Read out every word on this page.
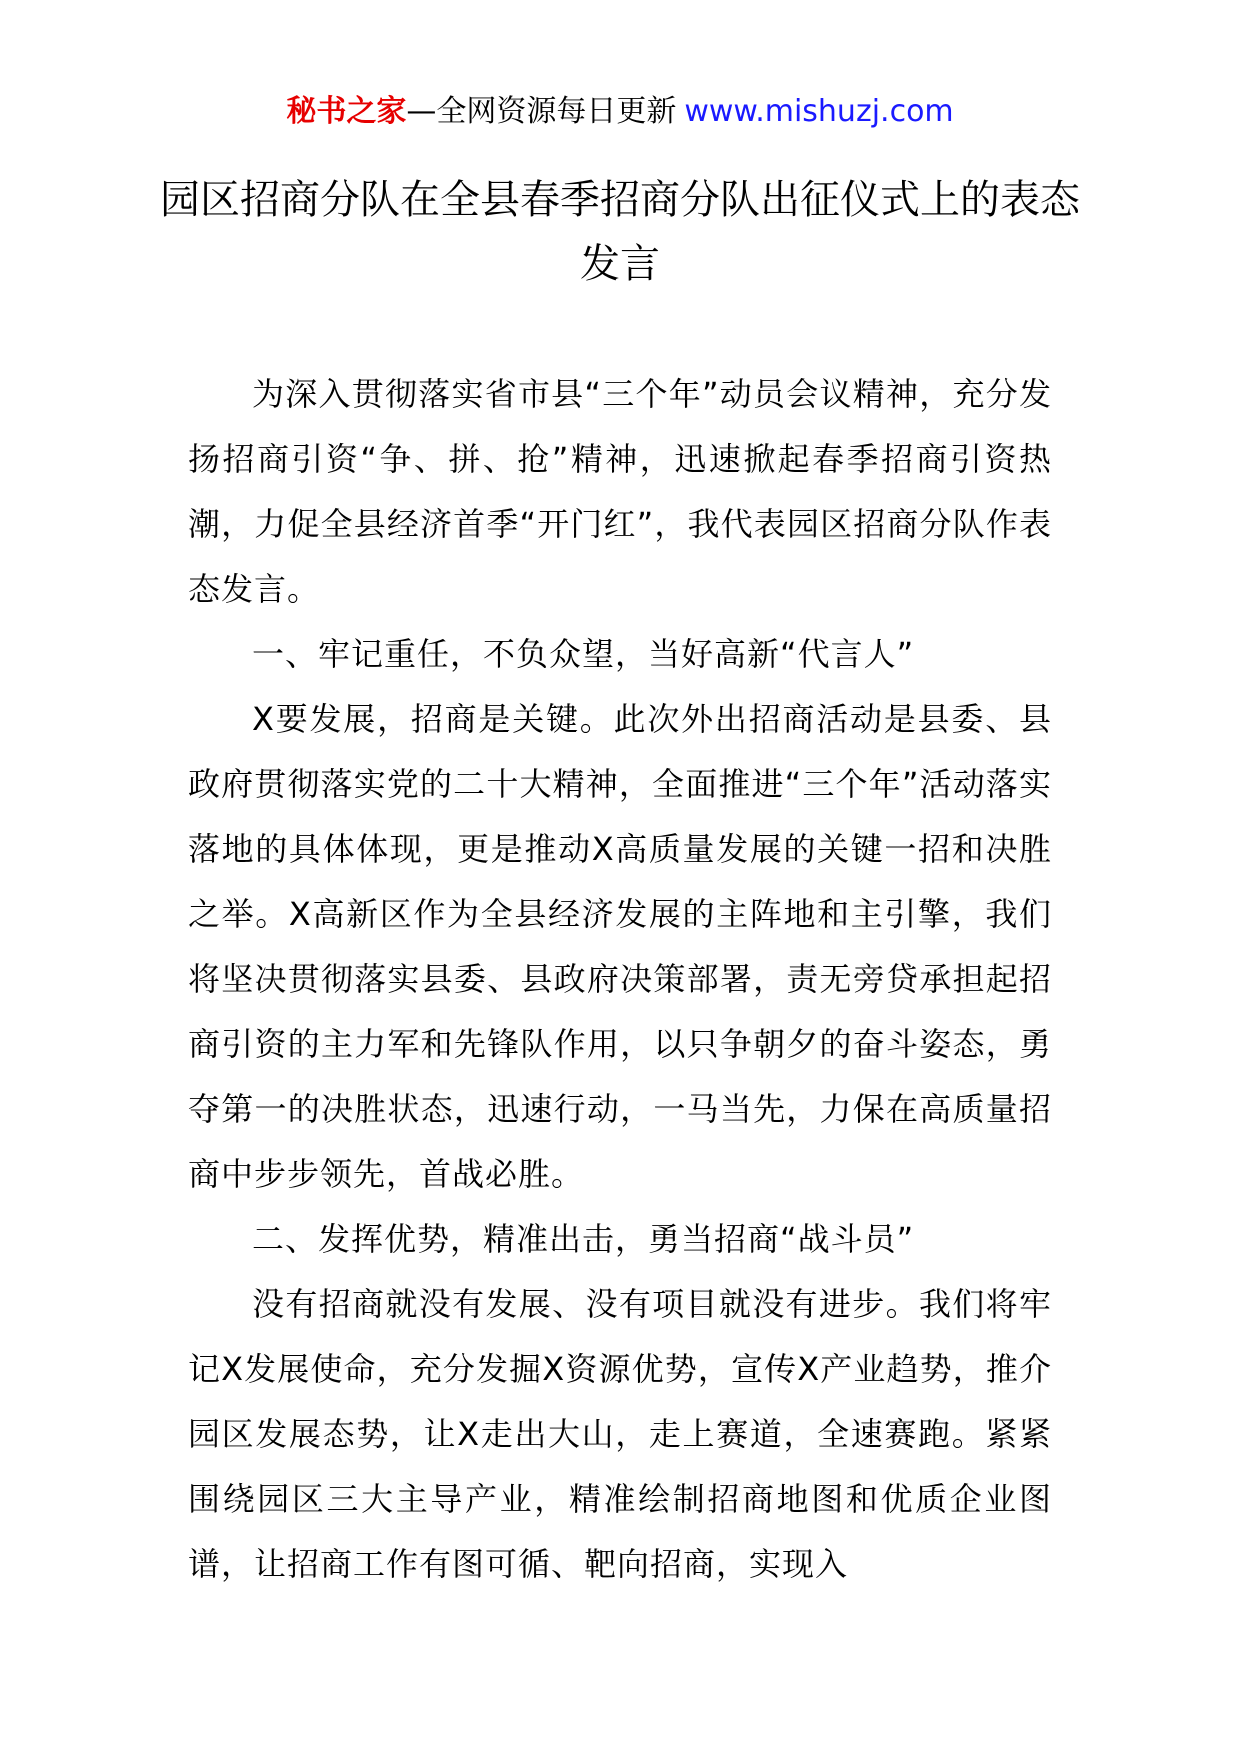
秘书之家—全网资源每日更新 www.mishuzj.com
园区招商分队在全县春季招商分队出征仪式上的表态发言

为深入贯彻落实省市县“三个年”动员会议精神，充分发扬招商引资“争、拼、抢”精神，迅速掀起春季招商引资热潮，力促全县经济首季“开门红”，我代表园区招商分队作表态发言。

一、牢记重任，不负众望，当好高新“代言人”

X要发展，招商是关键。此次外出招商活动是县委、县政府贯彻落实党的二十大精神，全面推进“三个年”活动落实落地的具体体现，更是推动X高质量发展的关键一招和决胜之举。X高新区作为全县经济发展的主阵地和主引擎，我们将坚决贯彻落实县委、县政府决策部署，责无旁贷承担起招商引资的主力军和先锋队作用，以只争朝夕的奋斗姿态，勇夺第一的决胜状态，迅速行动，一马当先，力保在高质量招商中步步领先，首战必胜。

二、发挥优势，精准出击，勇当招商“战斗员”

没有招商就没有发展、没有项目就没有进步。我们将牢记X发展使命，充分发掘X资源优势，宣传X产业趋势，推介园区发展态势，让X走出大山，走上赛道，全速赛跑。紧紧围绕园区三大主导产业，精准绘制招商地图和优质企业图谱，让招商工作有图可循、靶向招商，实现入
